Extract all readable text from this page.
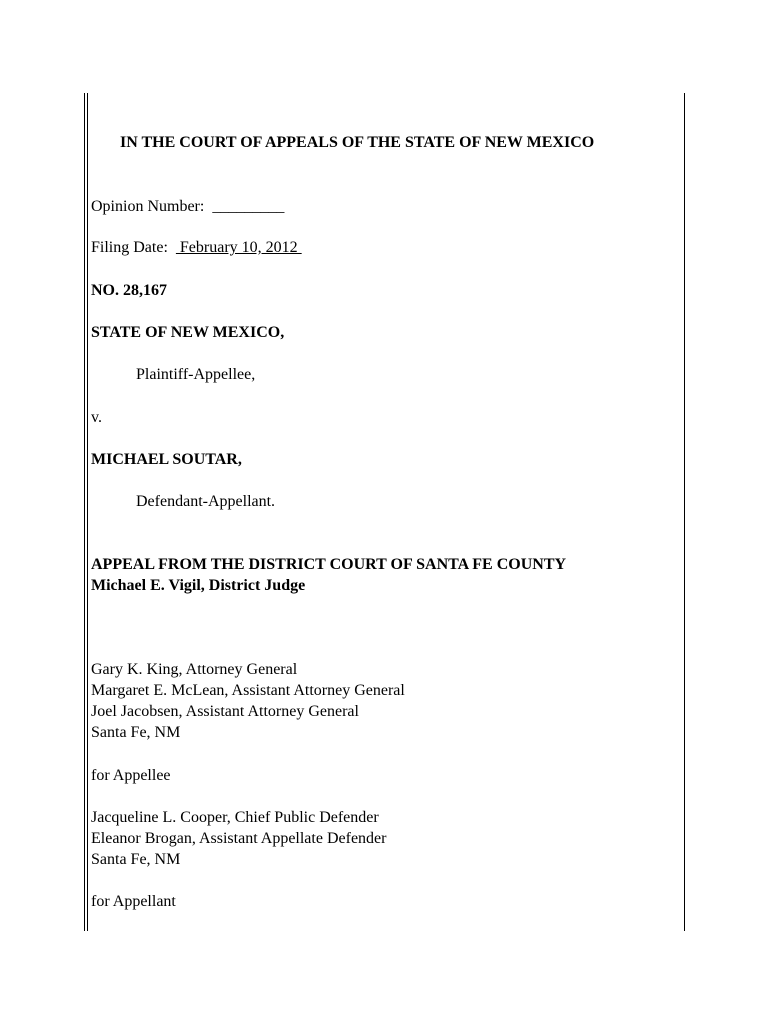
IN THE COURT OF APPEALS OF THE STATE OF NEW MEXICO
Opinion Number: _________
Filing Date:   February 10, 2012
NO. 28,167
STATE OF NEW MEXICO,
Plaintiff-Appellee,
v.
MICHAEL SOUTAR,
Defendant-Appellant.
APPEAL FROM THE DISTRICT COURT OF SANTA FE COUNTY
Michael E. Vigil, District Judge
Gary K. King, Attorney General
Margaret E. McLean, Assistant Attorney General
Joel Jacobsen, Assistant Attorney General
Santa Fe, NM
for Appellee
Jacqueline L. Cooper, Chief Public Defender
Eleanor Brogan, Assistant Appellate Defender
Santa Fe, NM
for Appellant
